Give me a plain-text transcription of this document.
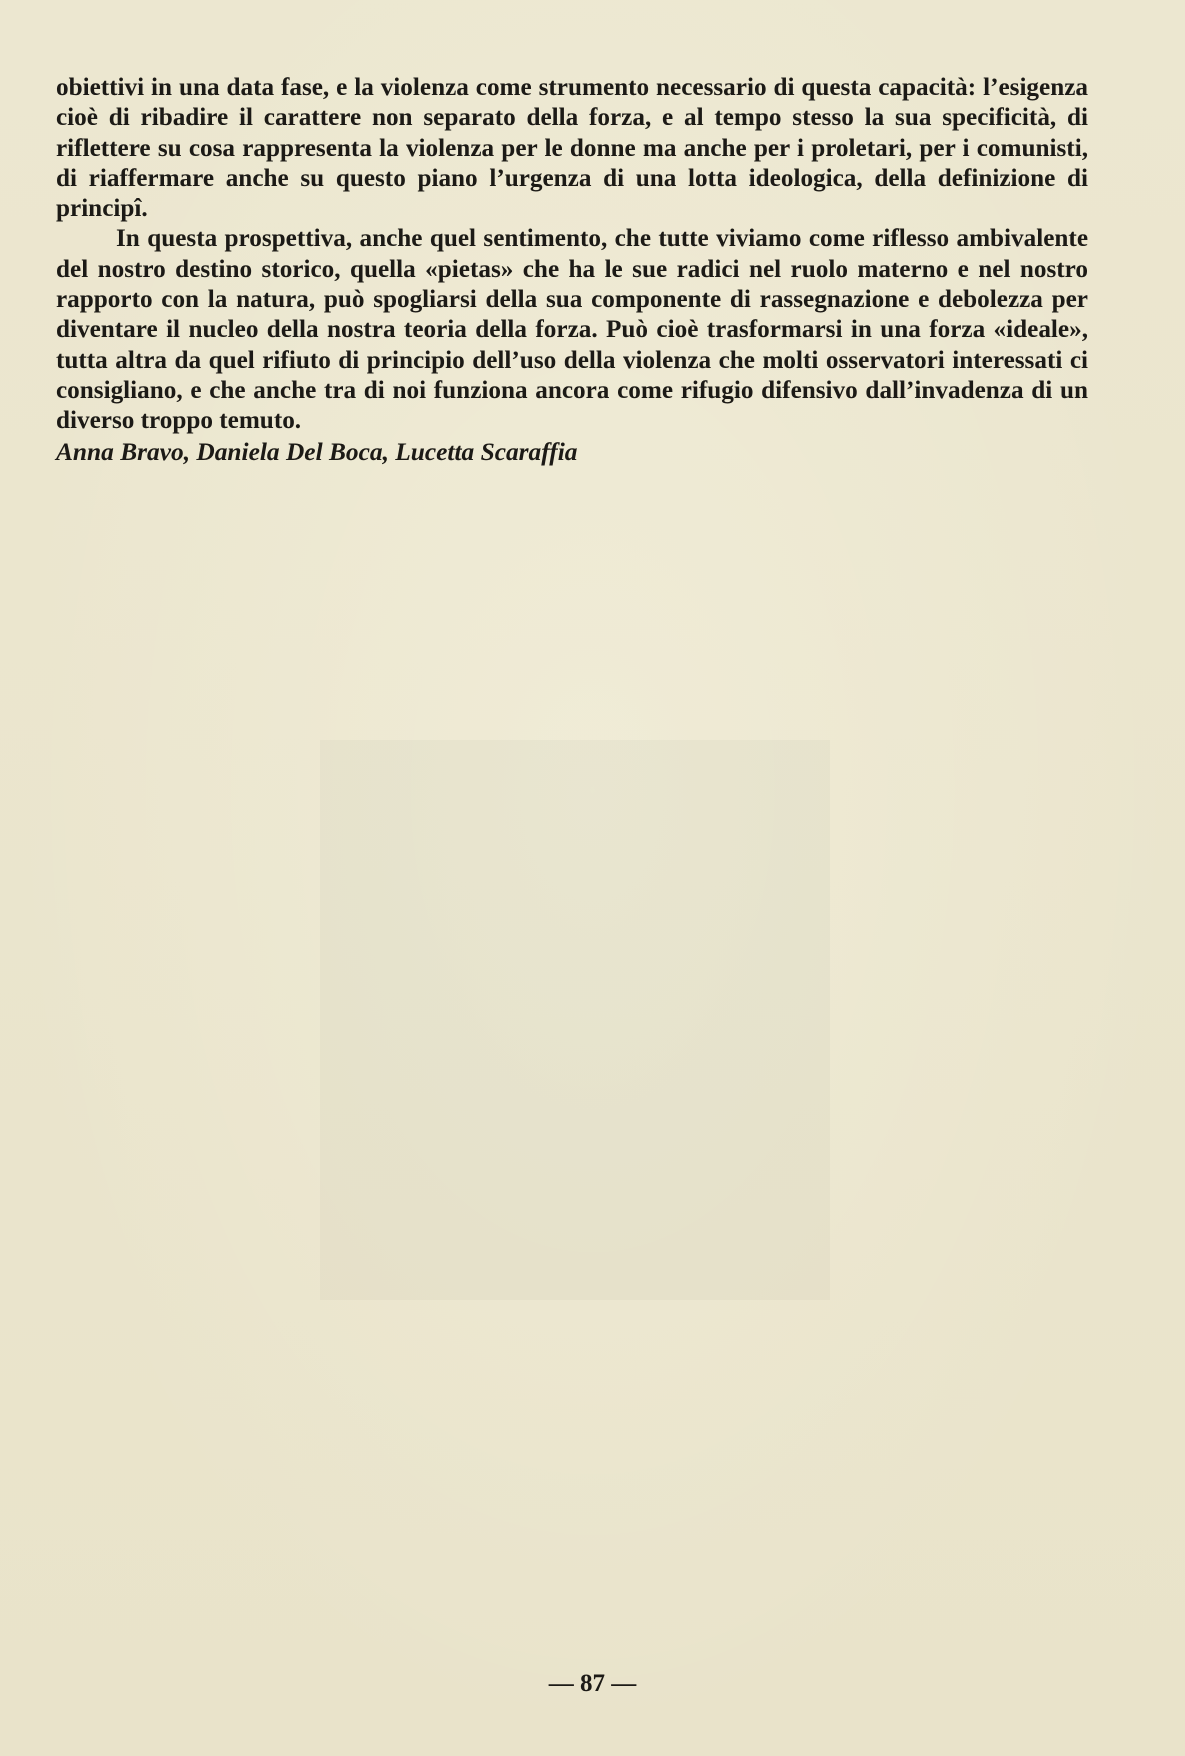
obiettivi in una data fase, e la violenza come strumento necessario di questa capacità: l’esigenza cioè di ribadire il carattere non separato della forza, e al tempo stesso la sua specificità, di riflettere su cosa rappresenta la violenza per le donne ma anche per i proletari, per i comunisti, di riaffermare anche su questo piano l’urgenza di una lotta ideologica, della definizione di principî.

In questa prospettiva, anche quel sentimento, che tutte viviamo come riflesso ambivalente del nostro destino storico, quella «pietas» che ha le sue radici nel ruolo materno e nel nostro rapporto con la natura, può spogliarsi della sua componente di rassegnazione e debolezza per diventare il nucleo della nostra teoria della forza. Può cioè trasformarsi in una forza «ideale», tutta altra da quel rifiuto di principio dell’uso della violenza che molti osservatori interessati ci consigliano, e che anche tra di noi funziona ancora come rifugio difensivo dall’invadenza di un diverso troppo temuto.

Anna Bravo, Daniela Del Boca, Lucetta Scaraffia

— 87 —
